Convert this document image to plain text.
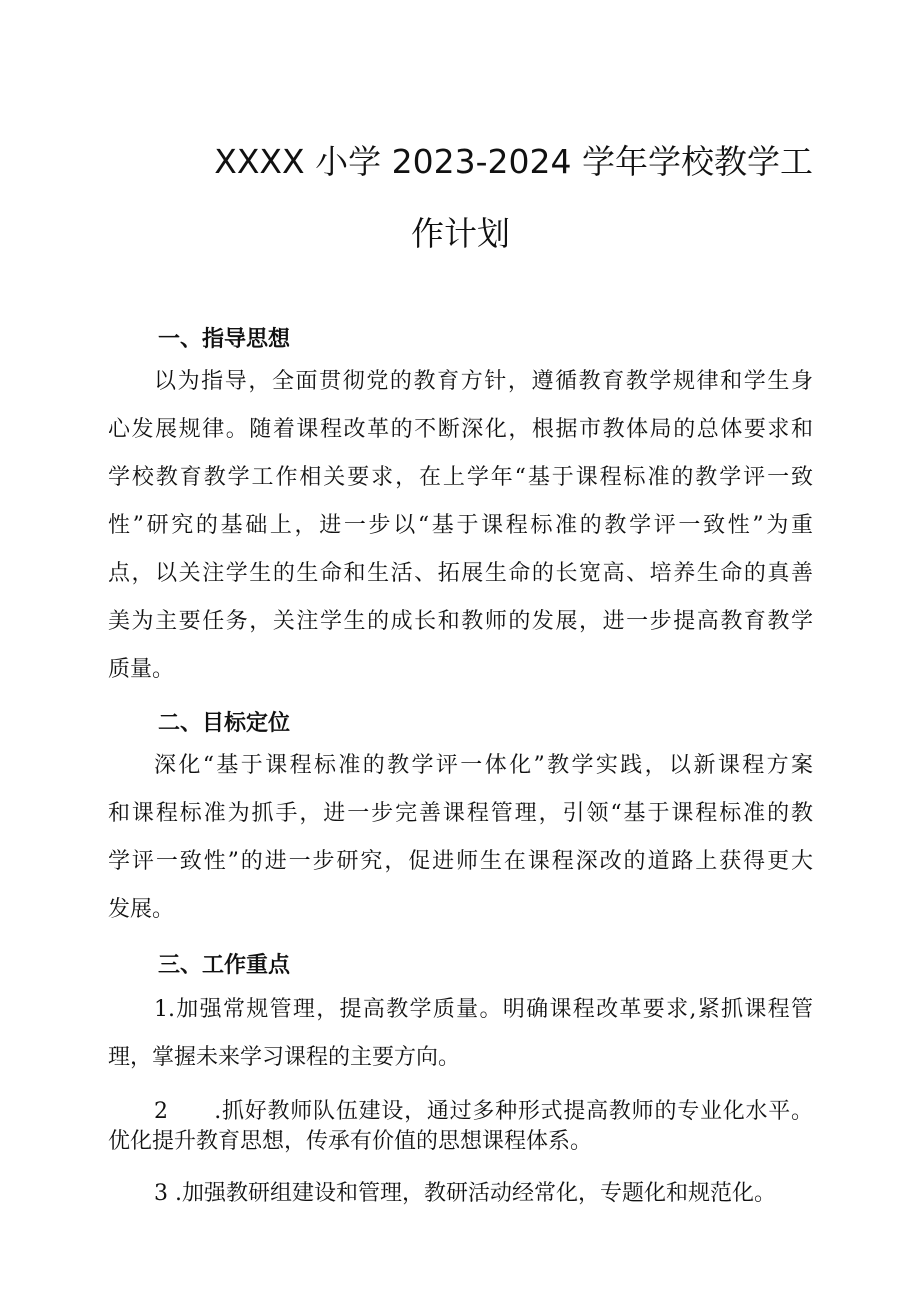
XXXX 小学 2023-2024 学年学校教学工
作计划
一、指导思想
以为指导，全面贯彻党的教育方针，遵循教育教学规律和学生身
心发展规律。随着课程改革的不断深化，根据市教体局的总体要求和
学校教育教学工作相关要求，在上学年“基于课程标准的教学评一致
性”研究的基础上，进一步以“基于课程标准的教学评一致性”为重
点，以关注学生的生命和生活、拓展生命的长宽高、培养生命的真善
美为主要任务，关注学生的成长和教师的发展，进一步提高教育教学
质量。
二、目标定位
深化“基于课程标准的教学评一体化”教学实践，以新课程方案
和课程标准为抓手，进一步完善课程管理，引领“基于课程标准的教
学评一致性”的进一步研究，促进师生在课程深改的道路上获得更大
发展。
三、工作重点
1.加强常规管理，提高教学质量。明确课程改革要求,紧抓课程管
理，掌握未来学习课程的主要方向。
2　　.抓好教师队伍建设，通过多种形式提高教师的专业化水平。
优化提升教育思想，传承有价值的思想课程体系。
3 .加强教研组建设和管理，教研活动经常化，专题化和规范化。
